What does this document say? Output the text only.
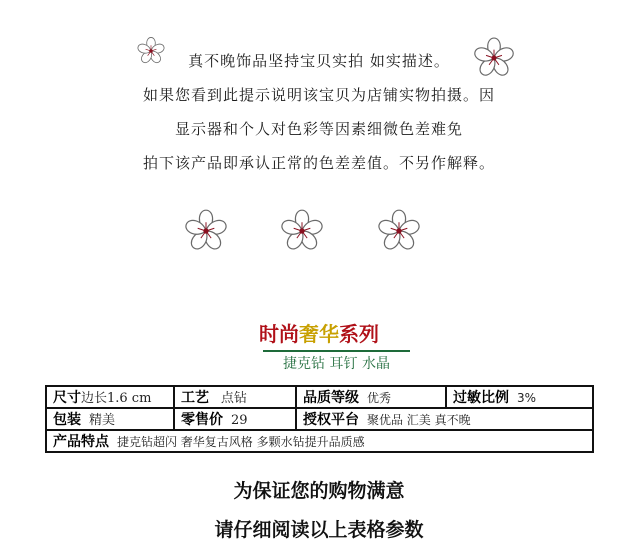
真不晚饰品坚持宝贝实拍 如实描述。
如果您看到此提示说明该宝贝为店铺实物拍摄。因
显示器和个人对色彩等因素细微色差难免
拍下该产品即承认正常的色差差值。不另作解释。
时尚奢华系列
捷克钻 耳钉 水晶
尺寸边长1.6 cm	工艺 点钻	品质等级 优秀	过敏比例 3%
包装 精美	零售价 29	授权平台 聚优品 汇美 真不晚	
产品特点 捷克钻超闪 奢华复古风格 多颗水钻提升品质感			
为保证您的购物满意
请仔细阅读以上表格参数
